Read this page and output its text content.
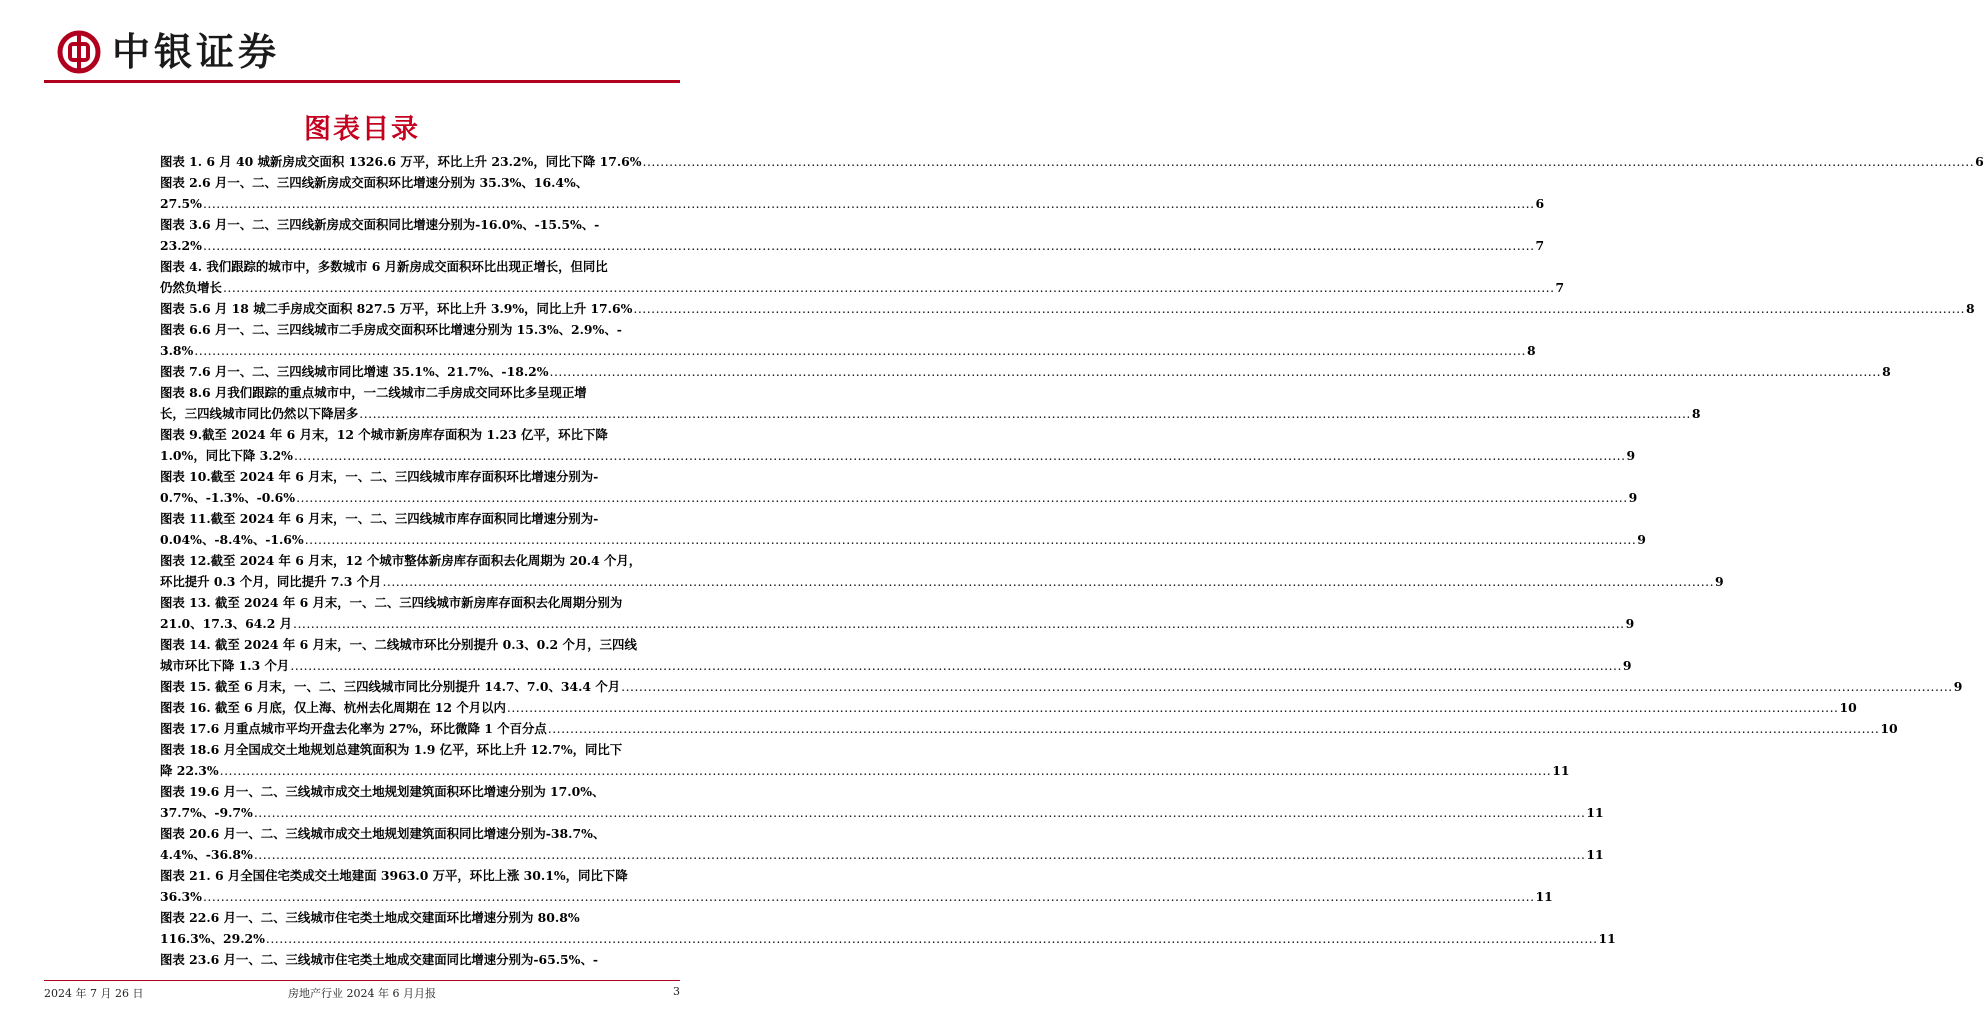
中银证券
图表目录
图表 1. 6 月 40 城新房成交面积 1326.6 万平，环比上升 23.2%，同比下降 17.6% ............................................................................................................................................................................................................................................................................................................ 6
图表 2.6 月一、二、三四线新房成交面积环比增速分别为 35.3%、16.4%、
27.5% ............................................................................................................................................................................................................................................................................................................ 6
图表 3.6 月一、二、三四线新房成交面积同比增速分别为-16.0%、-15.5%、-
23.2% ............................................................................................................................................................................................................................................................................................................ 7
图表 4. 我们跟踪的城市中，多数城市 6 月新房成交面积环比出现正增长，但同比
仍然负增长 ............................................................................................................................................................................................................................................................................................................ 7
图表 5.6 月 18 城二手房成交面积 827.5 万平，环比上升 3.9%，同比上升 17.6% ............................................................................................................................................................................................................................................................................................................ 8
图表 6.6 月一、二、三四线城市二手房成交面积环比增速分别为 15.3%、2.9%、-
3.8% ............................................................................................................................................................................................................................................................................................................ 8
图表 7.6 月一、二、三四线城市同比增速 35.1%、21.7%、-18.2% ............................................................................................................................................................................................................................................................................................................ 8
图表 8.6 月我们跟踪的重点城市中，一二线城市二手房成交同环比多呈现正增
长，三四线城市同比仍然以下降居多 ............................................................................................................................................................................................................................................................................................................ 8
图表 9.截至 2024 年 6 月末，12 个城市新房库存面积为 1.23 亿平，环比下降
1.0%，同比下降 3.2% ............................................................................................................................................................................................................................................................................................................ 9
图表 10.截至 2024 年 6 月末，一、二、三四线城市库存面积环比增速分别为-
0.7%、-1.3%、-0.6% ............................................................................................................................................................................................................................................................................................................ 9
图表 11.截至 2024 年 6 月末，一、二、三四线城市库存面积同比增速分别为-
0.04%、-8.4%、-1.6% ............................................................................................................................................................................................................................................................................................................ 9
图表 12.截至 2024 年 6 月末，12 个城市整体新房库存面积去化周期为 20.4 个月，
环比提升 0.3 个月，同比提升 7.3 个月 ............................................................................................................................................................................................................................................................................................................ 9
图表 13. 截至 2024 年 6 月末，一、二、三四线城市新房库存面积去化周期分别为
21.0、17.3、64.2 月 ............................................................................................................................................................................................................................................................................................................ 9
图表 14. 截至 2024 年 6 月末，一、二线城市环比分别提升 0.3、0.2 个月，三四线
城市环比下降 1.3 个月 ............................................................................................................................................................................................................................................................................................................ 9
图表 15. 截至 6 月末，一、二、三四线城市同比分别提升 14.7、7.0、34.4 个月 ............................................................................................................................................................................................................................................................................................................ 9
图表 16. 截至 6 月底，仅上海、杭州去化周期在 12 个月以内 ............................................................................................................................................................................................................................................................................................................ 10
图表 17.6 月重点城市平均开盘去化率为 27%，环比微降 1 个百分点 ............................................................................................................................................................................................................................................................................................................ 10
图表 18.6 月全国成交土地规划总建筑面积为 1.9 亿平，环比上升 12.7%，同比下
降 22.3% ............................................................................................................................................................................................................................................................................................................ 11
图表 19.6 月一、二、三线城市成交土地规划建筑面积环比增速分别为 17.0%、
37.7%、-9.7% ............................................................................................................................................................................................................................................................................................................ 11
图表 20.6 月一、二、三线城市成交土地规划建筑面积同比增速分别为-38.7%、
4.4%、-36.8% ............................................................................................................................................................................................................................................................................................................ 11
图表 21. 6 月全国住宅类成交土地建面 3963.0 万平，环比上涨 30.1%，同比下降
36.3% ............................................................................................................................................................................................................................................................................................................ 11
图表 22.6 月一、二、三线城市住宅类土地成交建面环比增速分别为 80.8%
116.3%、29.2% ............................................................................................................................................................................................................................................................................................................ 11
图表 23.6 月一、二、三线城市住宅类土地成交建面同比增速分别为-65.5%、-
2024 年 7 月 26 日	房地产行业 2024 年 6 月月报	3
